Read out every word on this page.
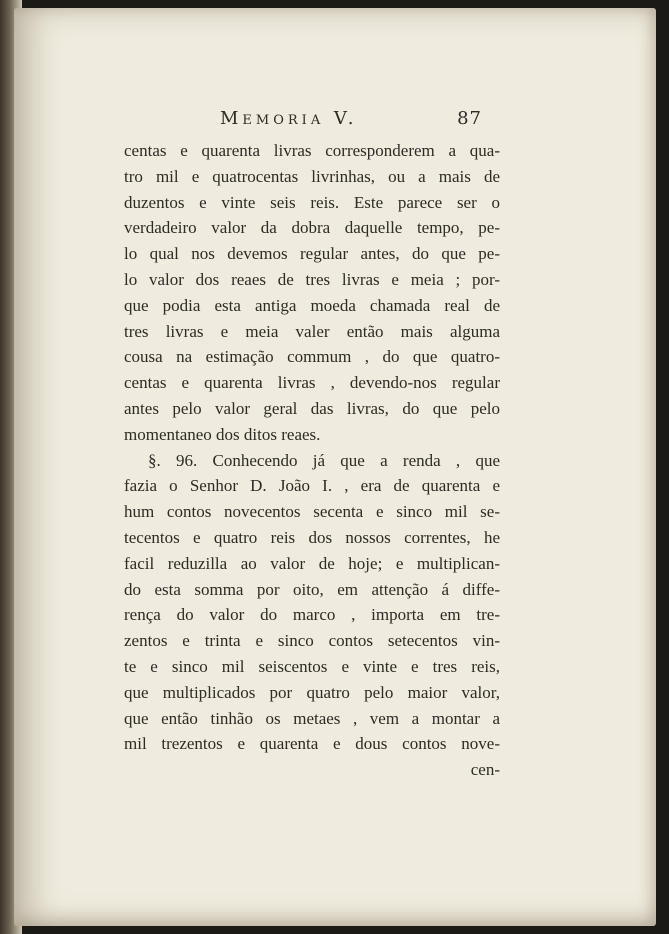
Memoria V.	87
centas e quarenta livras corresponderem a qua-
tro mil e quatrocentas livrinhas, ou a mais de
duzentos e vinte seis reis. Este parece ser o
verdadeiro valor da dobra daquelle tempo, pe-
lo qual nos devemos regular antes, do que pe-
lo valor dos reaes de tres livras e meia ; por-
que podia esta antiga moeda chamada real de
tres livras e meia valer então mais alguma
cousa na estimação commum , do que quatro-
centas e quarenta livras , devendo-nos regular
antes pelo valor geral das livras, do que pelo
momentaneo dos ditos reaes.
§. 96. Conhecendo já que a renda , que
fazia o Senhor D. João I. , era de quarenta e
hum contos novecentos secenta e sinco mil se-
tecentos e quatro reis dos nossos correntes, he
facil reduzilla ao valor de hoje; e multiplican-
do esta somma por oito, em attenção á diffe-
rença do valor do marco , importa em tre-
zentos e trinta e sinco contos setecentos vin-
te e sinco mil seiscentos e vinte e tres reis,
que multiplicados por quatro pelo maior valor,
que então tinhão os metaes , vem a montar a
mil trezentos e quarenta e dous contos nove-
cen-
